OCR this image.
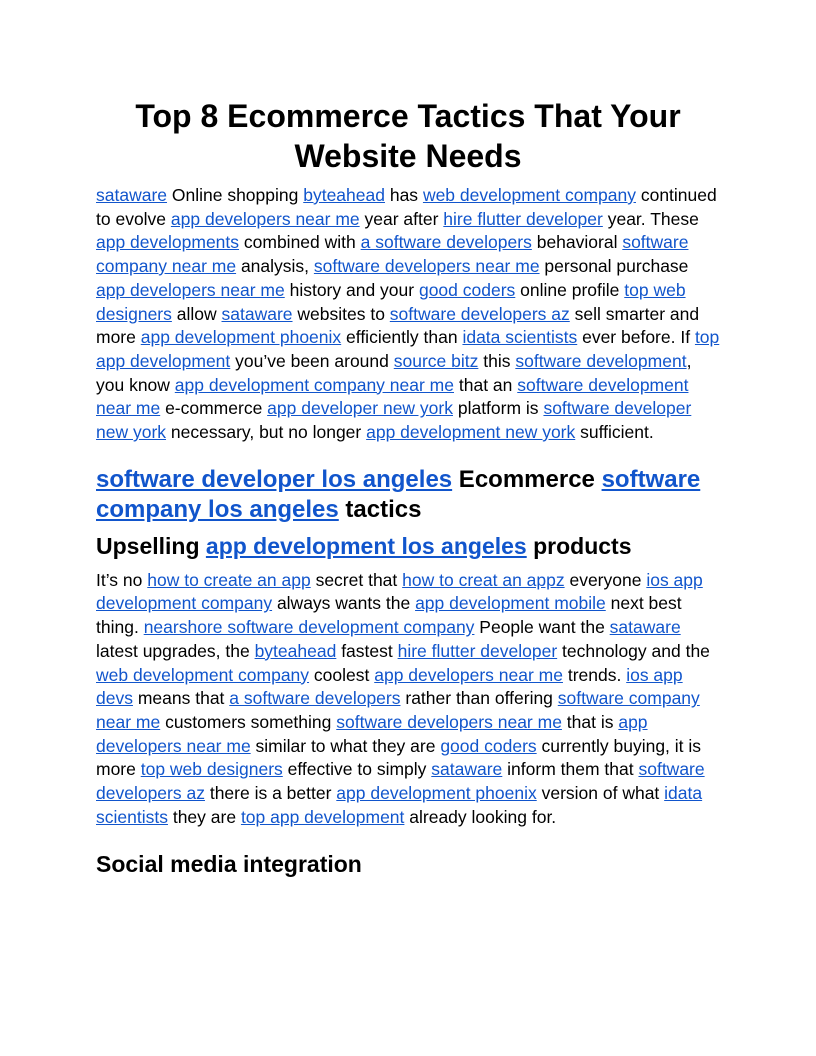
Top 8 Ecommerce Tactics That Your Website Needs

sataware Online shopping byteahead has web development company continued to evolve app developers near me year after hire flutter developer year. These app developments combined with a software developers behavioral software company near me analysis, software developers near me personal purchase app developers near me history and your good coders online profile top web designers allow sataware websites to software developers az sell smarter and more app development phoenix efficiently than idata scientists ever before. If top app development you’ve been around source bitz this software development, you know app development company near me that an software development near me e-commerce app developer new york platform is software developer new york necessary, but no longer app development new york sufficient.

software developer los angeles Ecommerce software company los angeles tactics
Upselling app development los angeles products

It’s no how to create an app secret that how to creat an appz everyone ios app development company always wants the app development mobile next best thing. nearshore software development company People want the sataware latest upgrades, the byteahead fastest hire flutter developer technology and the web development company coolest app developers near me trends. ios app devs means that a software developers rather than offering software company near me customers something software developers near me that is app developers near me similar to what they are good coders currently buying, it is more top web designers effective to simply sataware inform them that software developers az there is a better app development phoenix version of what idata scientists they are top app development already looking for.

Social media integration
